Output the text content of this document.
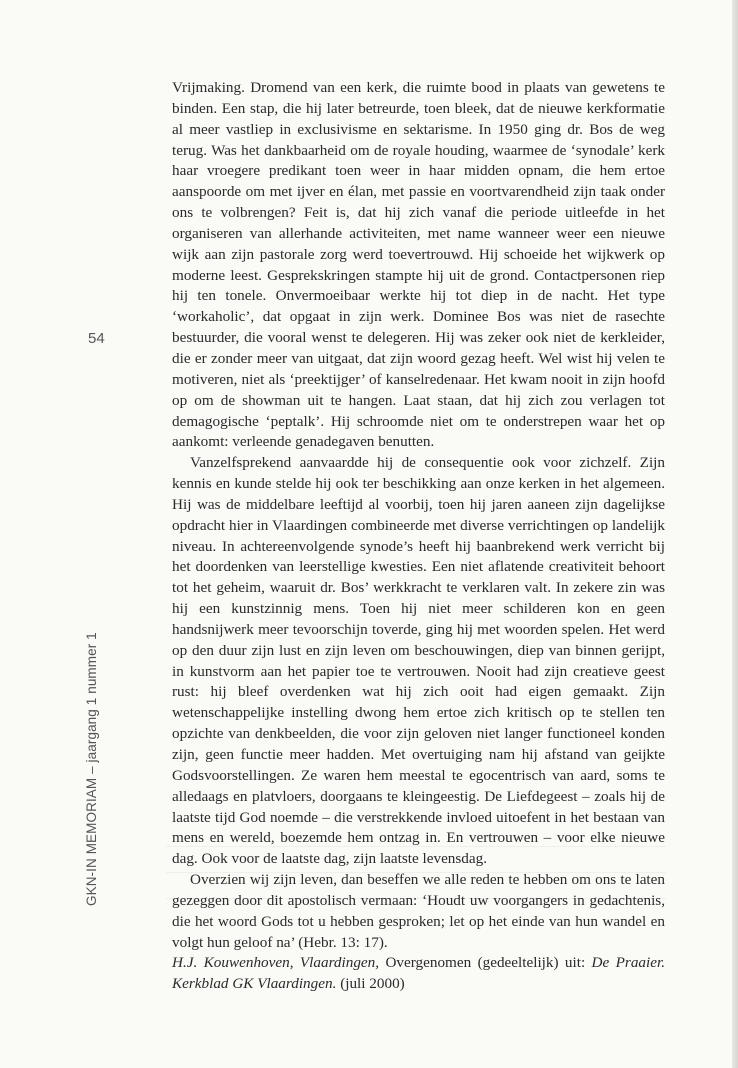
54
GKN-IN MEMORIAM – jaargang 1 nummer 1

Vrijmaking. Dromend van een kerk, die ruimte bood in plaats van gewetens te binden. Een stap, die hij later betreurde, toen bleek, dat de nieuwe kerkformatie al meer vastliep in exclusivisme en sektarisme. In 1950 ging dr. Bos de weg terug. Was het dankbaarheid om de royale houding, waarmee de ‘synodale’ kerk haar vroegere predikant toen weer in haar midden opnam, die hem ertoe aanspoorde om met ijver en élan, met passie en voortvarendheid zijn taak onder ons te volbrengen? Feit is, dat hij zich vanaf die periode uitleefde in het organiseren van allerhande activiteiten, met name wanneer weer een nieuwe wijk aan zijn pastorale zorg werd toevertrouwd. Hij schoeide het wijkwerk op moderne leest. Gesprekskringen stampte hij uit de grond. Contactpersonen riep hij ten tonele. Onvermoeibaar werkte hij tot diep in de nacht. Het type ‘workaholic’, dat opgaat in zijn werk. Dominee Bos was niet de rasechte bestuurder, die vooral wenst te delegeren. Hij was zeker ook niet de kerkleider, die er zonder meer van uitgaat, dat zijn woord gezag heeft. Wel wist hij velen te motiveren, niet als ‘preektijger’ of kanselredenaar. Het kwam nooit in zijn hoofd op om de showman uit te hangen. Laat staan, dat hij zich zou verlagen tot demagogische ‘peptalk’. Hij schroomde niet om te onderstrepen waar het op aankomt: verleende genadegaven benutten.

Vanzelfsprekend aanvaardde hij de consequentie ook voor zichzelf. Zijn kennis en kunde stelde hij ook ter beschikking aan onze kerken in het algemeen. Hij was de middelbare leeftijd al voorbij, toen hij jaren aaneen zijn dagelijkse opdracht hier in Vlaardingen combineerde met diverse verrichtingen op landelijk niveau. In achtereenvolgende synode’s heeft hij baanbrekend werk verricht bij het doordenken van leerstellige kwesties. Een niet aflatende creativiteit behoort tot het geheim, waaruit dr. Bos’ werkkracht te verklaren valt. In zekere zin was hij een kunstzinnig mens. Toen hij niet meer schilderen kon en geen handsnijwerk meer tevoorschijn toverde, ging hij met woorden spelen. Het werd op den duur zijn lust en zijn leven om beschouwingen, diep van binnen gerijpt, in kunstvorm aan het papier toe te vertrouwen. Nooit had zijn creatieve geest rust: hij bleef overdenken wat hij zich ooit had eigen gemaakt. Zijn wetenschappelijke instelling dwong hem ertoe zich kritisch op te stellen ten opzichte van denkbeelden, die voor zijn geloven niet langer functioneel konden zijn, geen functie meer hadden. Met overtuiging nam hij afstand van geijkte Godsvoorstellingen. Ze waren hem meestal te egocentrisch van aard, soms te alledaags en platvloers, doorgaans te kleingeestig. De Liefdegeest – zoals hij de laatste tijd God noemde – die verstrekkende invloed uitoefent in het bestaan van mens en wereld, boezemde hem ontzag in. En vertrouwen – voor elke nieuwe dag. Ook voor de laatste dag, zijn laatste levensdag.

Overzien wij zijn leven, dan beseffen we alle reden te hebben om ons te laten gezeggen door dit apostolisch vermaan: ‘Houdt uw voorgangers in gedachtenis, die het woord Gods tot u hebben gesproken; let op het einde van hun wandel en volgt hun geloof na’ (Hebr. 13: 17).

H.J. Kouwenhoven, Vlaardingen, Overgenomen (gedeeltelijk) uit: De Praaier. Kerkblad GK Vlaardingen. (juli 2000)
